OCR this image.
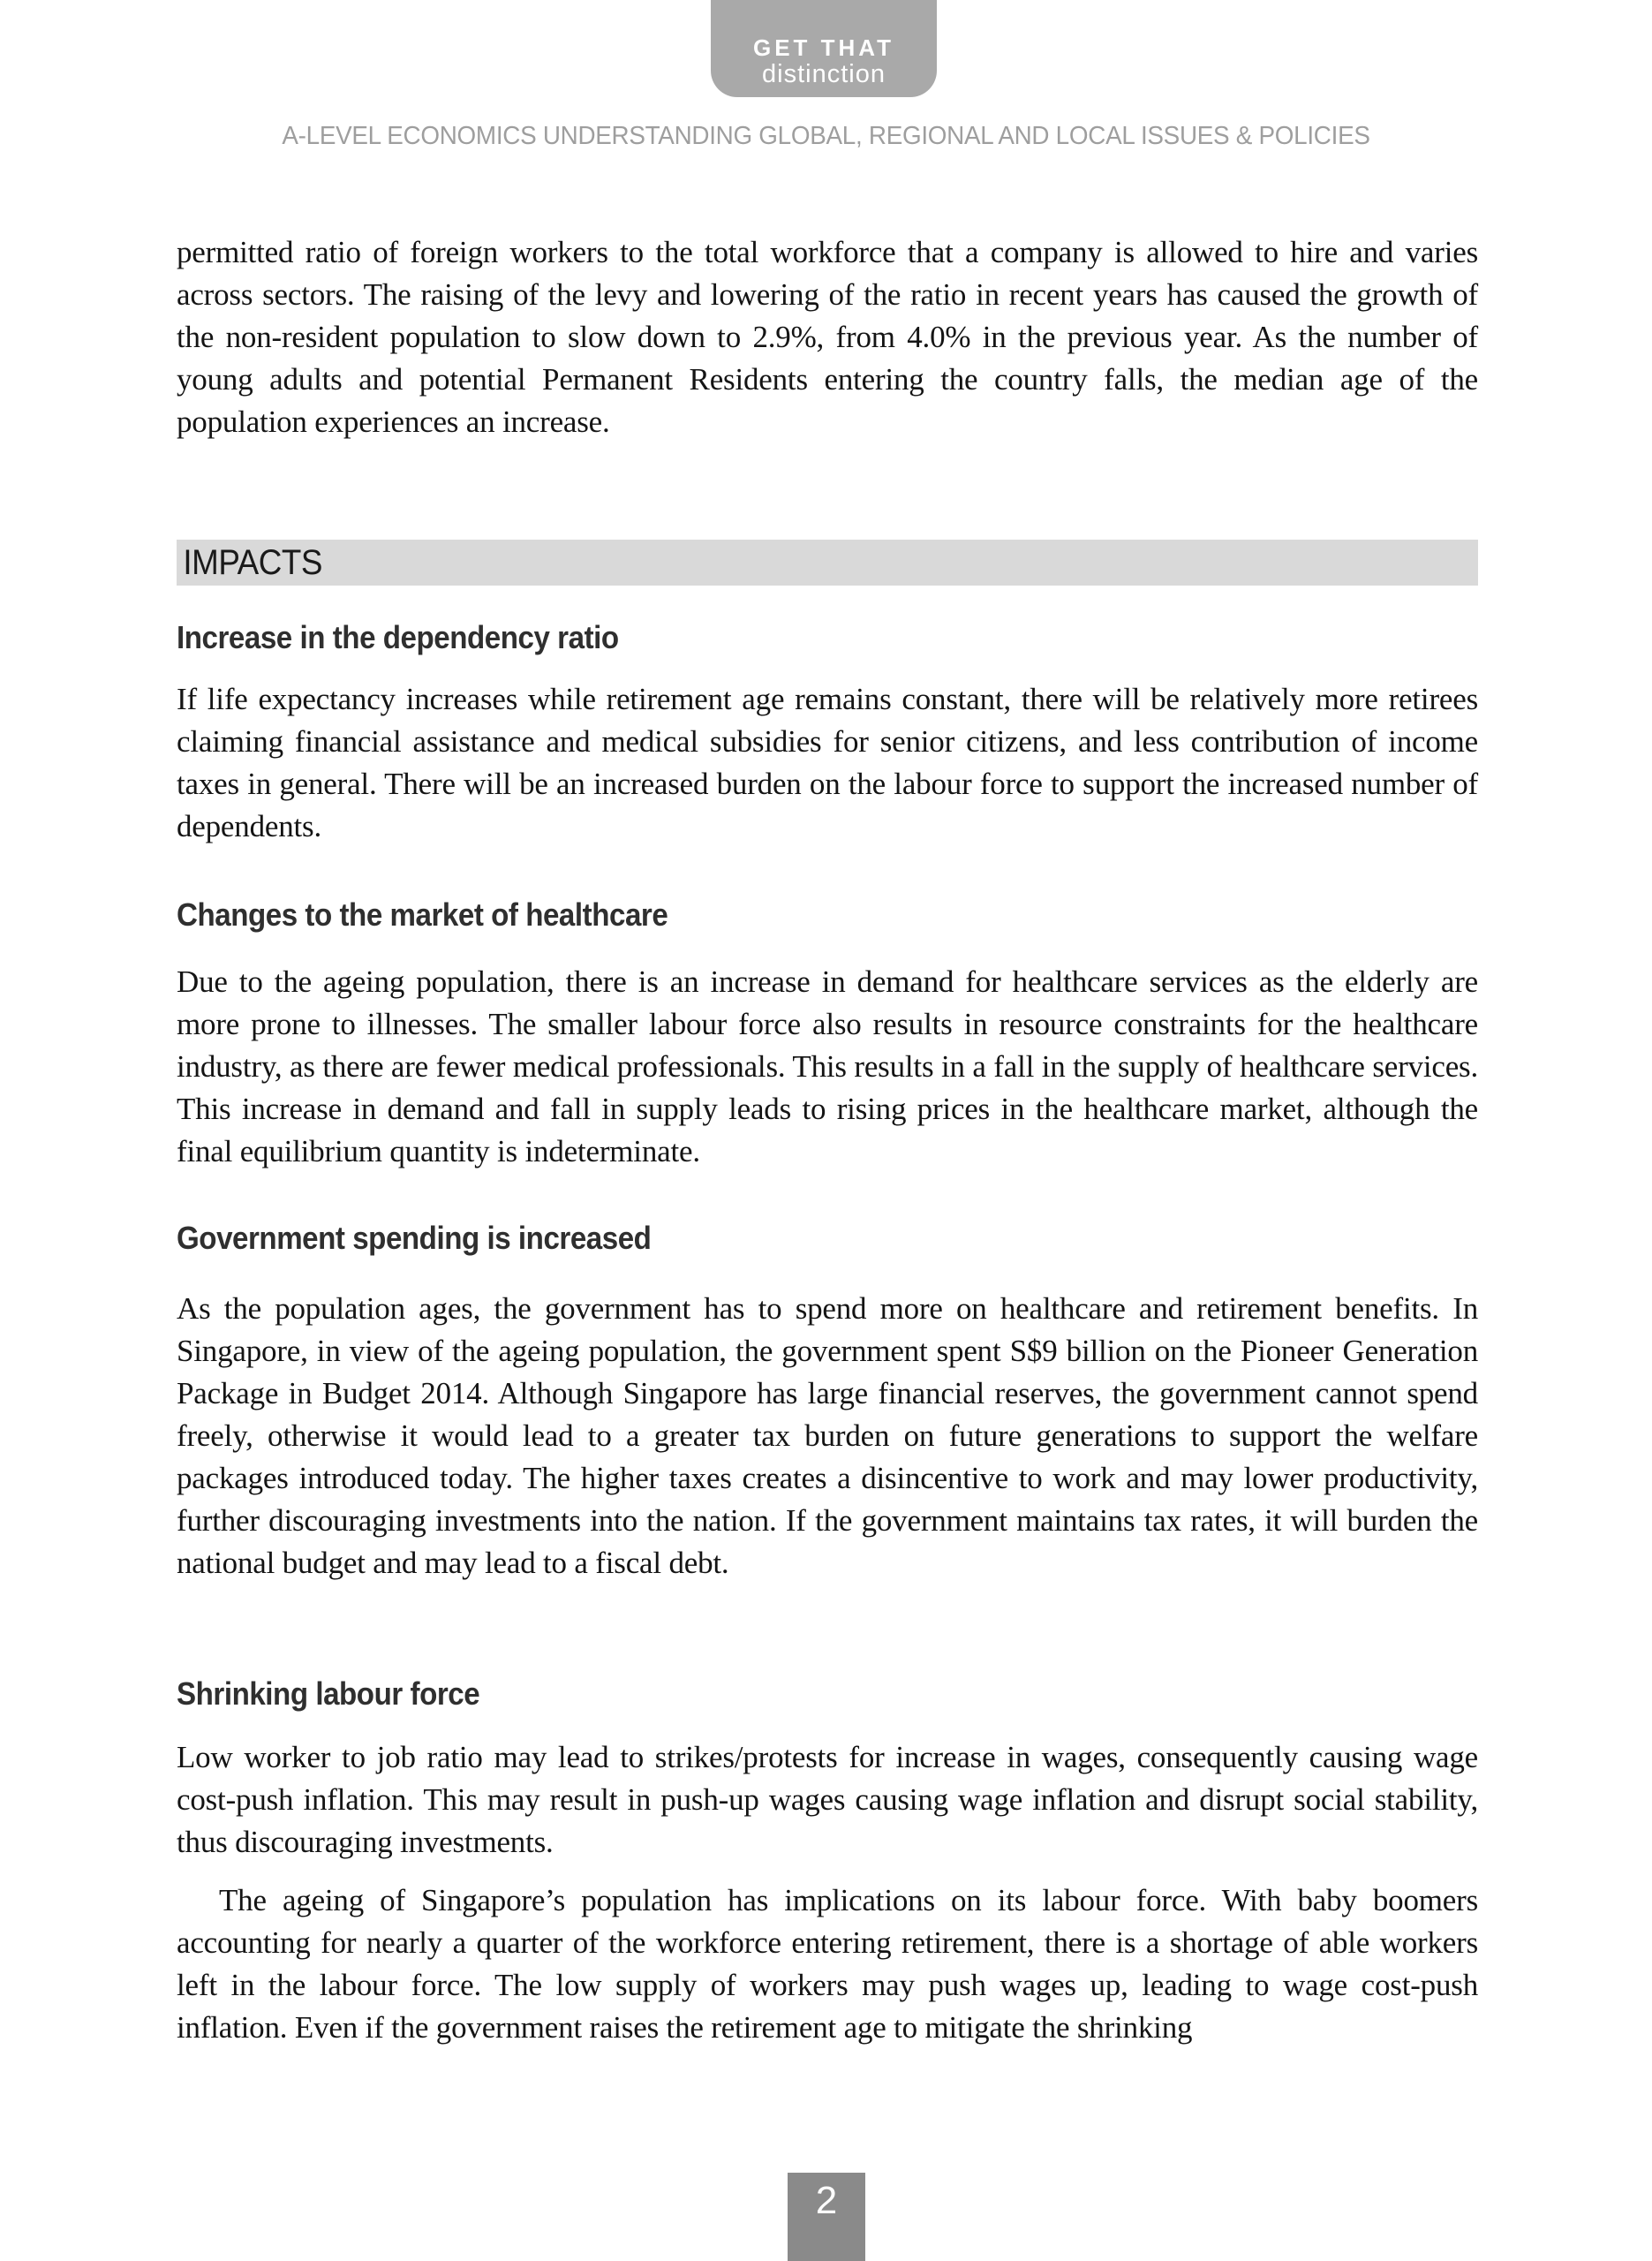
GET THAT
distinction
A-LEVEL ECONOMICS UNDERSTANDING GLOBAL, REGIONAL AND LOCAL ISSUES & POLICIES

permitted ratio of foreign workers to the total workforce that a company is allowed to hire and varies across sectors. The raising of the levy and lowering of the ratio in recent years has caused the growth of the non-resident population to slow down to 2.9%, from 4.0% in the previous year. As the number of young adults and potential Permanent Residents entering the country falls, the median age of the population experiences an increase.

IMPACTS
Increase in the dependency ratio

If life expectancy increases while retirement age remains constant, there will be relatively more retirees claiming financial assistance and medical subsidies for senior citizens, and less contribution of income taxes in general. There will be an increased burden on the labour force to support the increased number of dependents.

Changes to the market of healthcare

Due to the ageing population, there is an increase in demand for healthcare services as the elderly are more prone to illnesses. The smaller labour force also results in resource constraints for the healthcare industry, as there are fewer medical professionals. This results in a fall in the supply of healthcare services. This increase in demand and fall in supply leads to rising prices in the healthcare market, although the final equilibrium quantity is indeterminate.

Government spending is increased

As the population ages, the government has to spend more on healthcare and retirement benefits. In Singapore, in view of the ageing population, the government spent S$9 billion on the Pioneer Generation Package in Budget 2014. Although Singapore has large financial reserves, the government cannot spend freely, otherwise it would lead to a greater tax burden on future generations to support the welfare packages introduced today. The higher taxes creates a disincentive to work and may lower productivity, further discouraging investments into the nation. If the government maintains tax rates, it will burden the national budget and may lead to a fiscal debt.

Shrinking labour force

Low worker to job ratio may lead to strikes/protests for increase in wages, consequently causing wage cost-push inflation. This may result in push-up wages causing wage inflation and disrupt social stability, thus discouraging investments.

The ageing of Singapore’s population has implications on its labour force. With baby boomers accounting for nearly a quarter of the workforce entering retirement, there is a shortage of able workers left in the labour force. The low supply of workers may push wages up, leading to wage cost-push inflation. Even if the government raises the retirement age to mitigate the shrinking

2
